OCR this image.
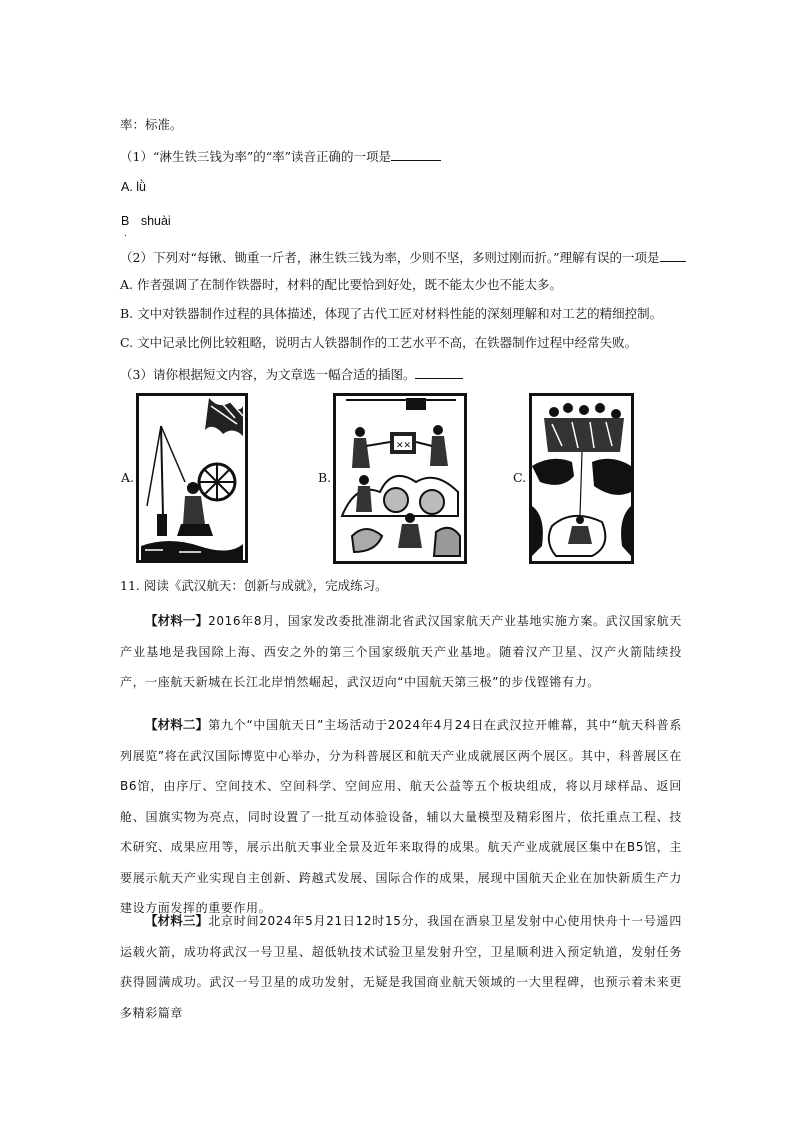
率：标准。
（1）“淋生铁三钱为率”的“率”读音正确的一项是
A. lǜ
B shuài
.
（2）下列对“每锹、锄重一斤者，淋生铁三钱为率，少则不坚，多则过刚而折。”理解有误的一项是
A. 作者强调了在制作铁器时，材料的配比要恰到好处，既不能太少也不能太多。
B. 文中对铁器制作过程的具体描述，体现了古代工匠对材料性能的深刻理解和对工艺的精细控制。
C. 文中记录比例比较粗略，说明古人铁器制作的工艺水平不高，在铁器制作过程中经常失败。
（3）请你根据短文内容，为文章选一幅合适的插图。
A.	B.
✕✕
C.
11. 阅读《武汉航天：创新与成就》，完成练习。
【材料一】2016年8月，国家发改委批准湖北省武汉国家航天产业基地实施方案。武汉国家航天产业基地是我国除上海、西安之外的第三个国家级航天产业基地。随着汉产卫星、汉产火箭陆续投产，一座航天新城在长江北岸悄然崛起，武汉迈向“中国航天第三极”的步伐铿锵有力。
【材料二】第九个“中国航天日”主场活动于2024年4月24日在武汉拉开帷幕，其中“航天科普系列展览”将在武汉国际博览中心举办，分为科普展区和航天产业成就展区两个展区。其中，科普展区在B6馆，由序厅、空间技术、空间科学、空间应用、航天公益等五个板块组成，将以月球样品、返回舱、国旗实物为亮点，同时设置了一批互动体验设备，辅以大量模型及精彩图片，依托重点工程、技术研究、成果应用等，展示出航天事业全景及近年来取得的成果。航天产业成就展区集中在B5馆，主要展示航天产业实现自主创新、跨越式发展、国际合作的成果，展现中国航天企业在加快新质生产力建设方面发挥的重要作用。
【材料三】北京时间2024年5月21日12时15分，我国在酒泉卫星发射中心使用快舟十一号遥四运载火箭，成功将武汉一号卫星、超低轨技术试验卫星发射升空，卫星顺利进入预定轨道，发射任务获得圆满成功。武汉一号卫星的成功发射，无疑是我国商业航天领域的一大里程碑，也预示着未来更多精彩篇章
